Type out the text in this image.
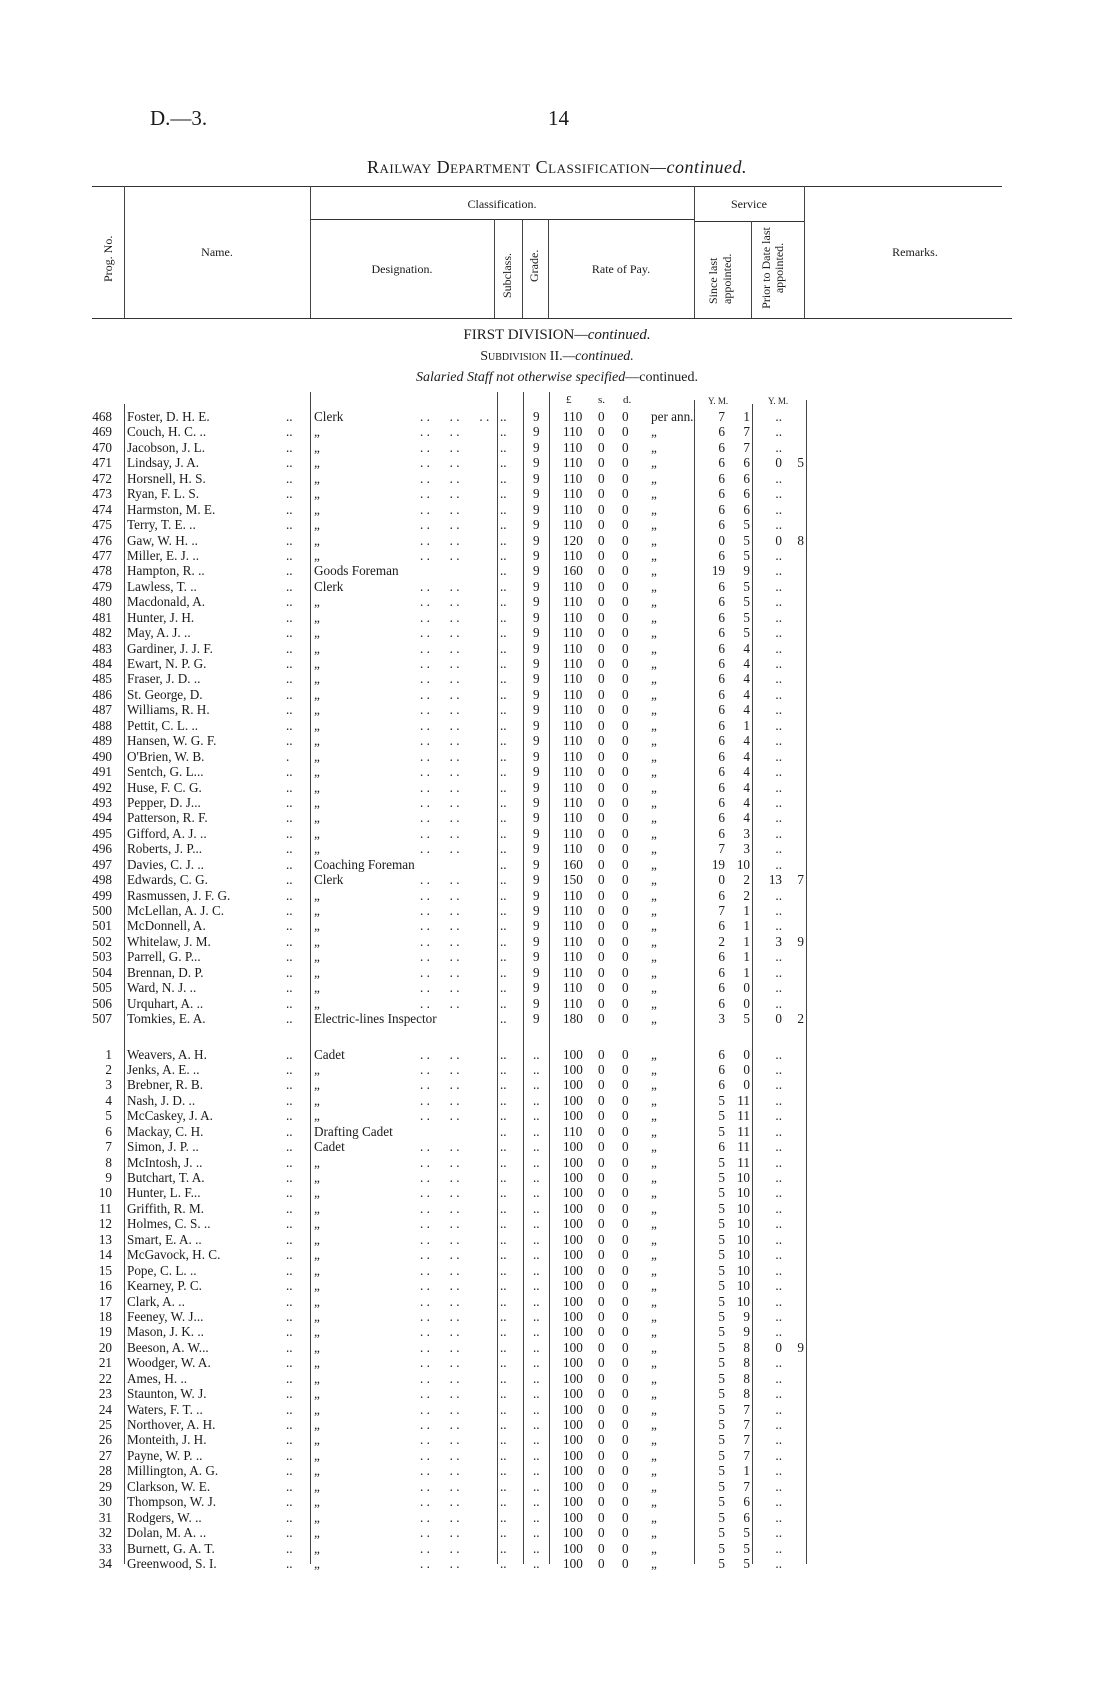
D.—3.	14
Railway Department Classification—continued.
Prog. No.	Name.
Classification.
Designation.	Subclass. Grade.	Rate of Pay.
Service
Since last appointed. Prior to Date last appointed.	Remarks.
FIRST DIVISION—continued.
Subdivision II.—continued.
Salaried Staff not otherwise specified—continued.
£ s. d.	Y. M.	Y. M.
468 Foster, D. H. E.	.. Clerk	. .      . .      . . .. 9 110 0 0 per ann.	7	1	..
469 Couch, H. C. ..	.. „	. .      . .	.. 9 110 0 0 „	6	7	..
470 Jacobson, J. L.	.. „	. .      . .	.. 9 110 0 0 „	6	7	..
471 Lindsay, J. A.	.. „	. .      . .	.. 9 110 0 0 „	6	6	0	5
472 Horsnell, H. S.	.. „	. .      . .	.. 9 110 0 0 „	6	6	..
473 Ryan, F. L. S.	.. „	. .      . .	.. 9 110 0 0 „	6	6	..
474 Harmston, M. E.	.. „	. .      . .	.. 9 110 0 0 „	6	6	..
475 Terry, T. E. ..	.. „	. .      . .	.. 9 110 0 0 „	6	5	..
476 Gaw, W. H. ..	.. „	. .      . .	.. 9 120 0 0 „	0	5	0	8
477 Miller, E. J. ..	.. „	. .      . .	.. 9 110 0 0 „	6	5	..
478 Hampton, R. ..	.. Goods Foreman	.. 9 160 0 0 „	19	9	..
479 Lawless, T. ..	.. Clerk	. .      . .	.. 9 110 0 0 „	6	5	..
480 Macdonald, A.	.. „	. .      . .	.. 9 110 0 0 „	6	5	..
481 Hunter, J. H.	.. „	. .      . .	.. 9 110 0 0 „	6	5	..
482 May, A. J. ..	.. „	. .      . .	.. 9 110 0 0 „	6	5	..
483 Gardiner, J. J. F.	.. „	. .      . .	.. 9 110 0 0 „	6	4	..
484 Ewart, N. P. G.	.. „	. .      . .	.. 9 110 0 0 „	6	4	..
485 Fraser, J. D. ..	.. „	. .      . .	.. 9 110 0 0 „	6	4	..
486 St. George, D.	.. „	. .      . .	.. 9 110 0 0 „	6	4	..
487 Williams, R. H.	.. „	. .      . .	.. 9 110 0 0 „	6	4	..
488 Pettit, C. L. ..	.. „	. .      . .	.. 9 110 0 0 „	6	1	..
489 Hansen, W. G. F.	.. „	. .      . .	.. 9 110 0 0 „	6	4	..
490 O'Brien, W. B.	. „	. .      . .	.. 9 110 0 0 „	6	4	..
491 Sentch, G. L...	.. „	. .      . .	.. 9 110 0 0 „	6	4	..
492 Huse, F. C. G.	.. „	. .      . .	.. 9 110 0 0 „	6	4	..
493 Pepper, D. J...	.. „	. .      . .	.. 9 110 0 0 „	6	4	..
494 Patterson, R. F.	.. „	. .      . .	.. 9 110 0 0 „	6	4	..
495 Gifford, A. J. ..	.. „	. .      . .	.. 9 110 0 0 „	6	3	..
496 Roberts, J. P...	.. „	. .      . .	.. 9 110 0 0 „	7	3	..
497 Davies, C. J. ..	.. Coaching Foreman	.. 9 160 0 0 „	19 10	..
498 Edwards, C. G.	.. Clerk	. .      . .	.. 9 150 0 0 „	0	2	13	7
499 Rasmussen, J. F. G.	.. „	. .      . .	.. 9 110 0 0 „	6	2	..
500 McLellan, A. J. C.	.. „	. .      . .	.. 9 110 0 0 „	7	1	..
501 McDonnell, A.	.. „	. .      . .	.. 9 110 0 0 „	6	1	..
502 Whitelaw, J. M.	.. „	. .      . .	.. 9 110 0 0 „	2	1	3	9
503 Parrell, G. P...	.. „	. .      . .	.. 9 110 0 0 „	6	1	..
504 Brennan, D. P.	.. „	. .      . .	.. 9 110 0 0 „	6	1	..
505 Ward, N. J. ..	.. „	. .      . .	.. 9 110 0 0 „	6	0	..
506 Urquhart, A. ..	.. „	. .      . .	.. 9 110 0 0 „	6	0	..
507 Tomkies, E. A.	.. Electric-lines Inspector	.. 9 180 0 0 „	3	5	0	2
1 Weavers, A. H.	.. Cadet	. .      . .	.. .. 100 0 0 „	6	0	..
2 Jenks, A. E. ..	.. „	. .      . .	.. .. 100 0 0 „	6	0	..
3 Brebner, R. B.	.. „	. .      . .	.. .. 100 0 0 „	6	0	..
4 Nash, J. D. ..	.. „	. .      . .	.. .. 100 0 0 „	5 11	..
5 McCaskey, J. A.	.. „	. .      . .	.. .. 100 0 0 „	5 11	..
6 Mackay, C. H.	.. Drafting Cadet	.. .. 110 0 0 „	5 11	..
7 Simon, J. P. ..	.. Cadet	. .      . .	.. .. 100 0 0 „	6 11	..
8 McIntosh, J. ..	.. „	. .      . .	.. .. 100 0 0 „	5 11	..
9 Butchart, T. A.	.. „	. .      . .	.. .. 100 0 0 „	5 10	..
10 Hunter, L. F...	.. „	. .      . .	.. .. 100 0 0 „	5 10	..
11 Griffith, R. M.	.. „	. .      . .	.. .. 100 0 0 „	5 10	..
12 Holmes, C. S. ..	.. „	. .      . .	.. .. 100 0 0 „	5 10	..
13 Smart, E. A. ..	.. „	. .      . .	.. .. 100 0 0 „	5 10	..
14 McGavock, H. C.	.. „	. .      . .	.. .. 100 0 0 „	5 10	..
15 Pope, C. L. ..	.. „	. .      . .	.. .. 100 0 0 „	5 10	..
16 Kearney, P. C.	.. „	. .      . .	.. .. 100 0 0 „	5 10	..
17 Clark, A. ..	.. „	. .      . .	.. .. 100 0 0 „	5 10	..
18 Feeney, W. J...	.. „	. .      . .	.. .. 100 0 0 „	5	9	..
19 Mason, J. K. ..	.. „	. .      . .	.. .. 100 0 0 „	5	9	..
20 Beeson, A. W...	.. „	. .      . .	.. .. 100 0 0 „	5	8	0	9
21 Woodger, W. A.	.. „	. .      . .	.. .. 100 0 0 „	5	8	..
22 Ames, H. ..	.. „	. .      . .	.. .. 100 0 0 „	5	8	..
23 Staunton, W. J.	.. „	. .      . .	.. .. 100 0 0 „	5	8	..
24 Waters, F. T. ..	.. „	. .      . .	.. .. 100 0 0 „	5	7	..
25 Northover, A. H.	.. „	. .      . .	.. .. 100 0 0 „	5	7	..
26 Monteith, J. H.	.. „	. .      . .	.. .. 100 0 0 „	5	7	..
27 Payne, W. P. ..	.. „	. .      . .	.. .. 100 0 0 „	5	7	..
28 Millington, A. G.	.. „	. .      . .	.. .. 100 0 0 „	5	1	..
29 Clarkson, W. E.	.. „	. .      . .	.. .. 100 0 0 „	5	7	..
30 Thompson, W. J.	.. „	. .      . .	.. .. 100 0 0 „	5	6	..
31 Rodgers, W. ..	.. „	. .      . .	.. .. 100 0 0 „	5	6	..
32 Dolan, M. A. ..	.. „	. .      . .	.. .. 100 0 0 „	5	5	..
33 Burnett, G. A. T.	.. „	. .      . .	.. .. 100 0 0 „	5	5	..
34 Greenwood, S. I.	.. „	. .      . .	.. .. 100 0 0 „	5	5	..
